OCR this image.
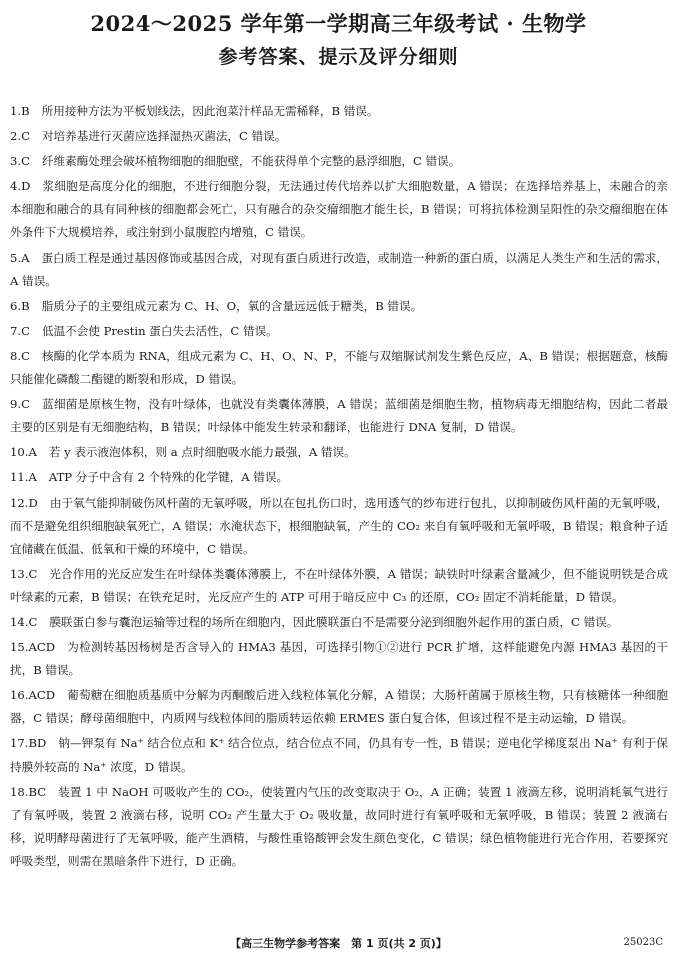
2024～2025 学年第一学期高三年级考试 · 生物学
参考答案、提示及评分细则
1.B 所用接种方法为平板划线法，因此泡菜汁样品无需稀释，B 错误。
2.C 对培养基进行灭菌应选择湿热灭菌法，C 错误。
3.C 纤维素酶处理会破坏植物细胞的细胞壁，不能获得单个完整的悬浮细胞，C 错误。
4.D 浆细胞是高度分化的细胞，不进行细胞分裂，无法通过传代培养以扩大细胞数量，A 错误；在选择培养基上，未融合的亲本细胞和融合的具有同种核的细胞都会死亡，只有融合的杂交瘤细胞才能生长，B 错误；可将抗体检测呈阳性的杂交瘤细胞在体外条件下大规模培养，或注射到小鼠腹腔内增殖，C 错误。
5.A 蛋白质工程是通过基因修饰或基因合成，对现有蛋白质进行改造，或制造一种新的蛋白质，以满足人类生产和生活的需求，A 错误。
6.B 脂质分子的主要组成元素为 C、H、O，氧的含量远远低于糖类，B 错误。
7.C 低温不会使 Prestin 蛋白失去活性，C 错误。
8.C 核酶的化学本质为 RNA，组成元素为 C、H、O、N、P，不能与双缩脲试剂发生紫色反应，A、B 错误；根据题意，核酶只能催化磷酸二酯键的断裂和形成，D 错误。
9.C 蓝细菌是原核生物，没有叶绿体，也就没有类囊体薄膜，A 错误；蓝细菌是细胞生物，植物病毒无细胞结构，因此二者最主要的区别是有无细胞结构，B 错误；叶绿体中能发生转录和翻译，也能进行 DNA 复制，D 错误。
10.A 若 y 表示液泡体积，则 a 点时细胞吸水能力最强，A 错误。
11.A ATP 分子中含有 2 个特殊的化学键，A 错误。
12.D 由于氧气能抑制破伤风杆菌的无氧呼吸，所以在包扎伤口时，选用透气的纱布进行包扎，以抑制破伤风杆菌的无氧呼吸，而不是避免组织细胞缺氧死亡，A 错误；水淹状态下，根细胞缺氧，产生的 CO₂ 来自有氧呼吸和无氧呼吸，B 错误；粮食种子适宜储藏在低温、低氧和干燥的环境中，C 错误。
13.C 光合作用的光反应发生在叶绿体类囊体薄膜上，不在叶绿体外膜，A 错误；缺铁时叶绿素含量减少，但不能说明铁是合成叶绿素的元素，B 错误；在铁充足时，光反应产生的 ATP 可用于暗反应中 C₃ 的还原，CO₂ 固定不消耗能量，D 错误。
14.C 膜联蛋白参与囊泡运输等过程的场所在细胞内，因此膜联蛋白不是需要分泌到细胞外起作用的蛋白质，C 错误。
15.ACD 为检测转基因杨树是否含导入的 HMA3 基因，可选择引物①②进行 PCR 扩增，这样能避免内源 HMA3 基因的干扰，B 错误。
16.ACD 葡萄糖在细胞质基质中分解为丙酮酸后进入线粒体氧化分解，A 错误；大肠杆菌属于原核生物，只有核糖体一种细胞器，C 错误；酵母菌细胞中，内质网与线粒体间的脂质转运依赖 ERMES 蛋白复合体，但该过程不是主动运输，D 错误。
17.BD 钠—钾泵有 Na⁺ 结合位点和 K⁺ 结合位点，结合位点不同，仍具有专一性，B 错误；逆电化学梯度泵出 Na⁺ 有利于保持膜外较高的 Na⁺ 浓度，D 错误。
18.BC 装置 1 中 NaOH 可吸收产生的 CO₂，使装置内气压的改变取决于 O₂，A 正确；装置 1 液滴左移，说明消耗氧气进行了有氧呼吸，装置 2 液滴右移，说明 CO₂ 产生量大于 O₂ 吸收量，故同时进行有氧呼吸和无氧呼吸，B 错误；装置 2 液滴右移，说明酵母菌进行了无氧呼吸，能产生酒精，与酸性重铬酸钾会发生颜色变化，C 错误；绿色植物能进行光合作用，若要探究呼吸类型，则需在黑暗条件下进行，D 正确。
【高三生物学参考答案　第 1 页(共 2 页)】	25023C
